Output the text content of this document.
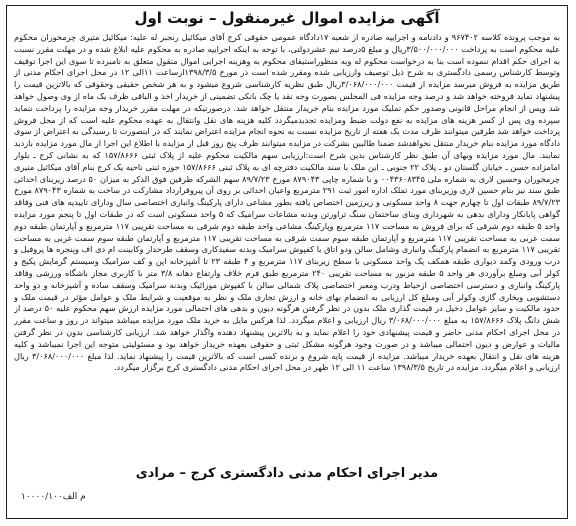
آگهی مزایده اموال غیرمنقول – نوبت اول
به موجب پرونده کلاسه ۹۶۷۴۰۲ و دادنامه و اجراییه صادره از شعبه ۱۷دادگاه عمومی حقوقی کرج آقای میکائیل رنجبر له علیه: میکائیل متیری چرمخوران محکوم علیه محکوم است به پرداخت ۳/۵۰۰/۰۰۰/۰۰۰ریال و مبلغ ۵درصد نیم عشردولتی، با توجه به اینکه اجراییه صادره به محکوم علیه ابلاغ شده و در مهلت مقرر نسبت به اجرای حکم اقدام ننموده است بنا به درخواست محکوم له وبه منظوراستیفای محکوم به وهزینه اجرایی اموال منقول متعلق به نامبرده تا سوی این اجرا توقیف وتوسط کارشناس رسمی دادگستری به شرح ذیل توصیف وارزیابی شده ومقرر شده است در مورخ ۱۳۹۸/۳/۵ازساعت ۱۱الی ۱۲ در محل اجرای احکام مدنی از طریق مزایده به فروش میرسد مزایده از قیمت ۳/۰۶۸/۰۰۰/۰۰۰ریال طبق نظریه کارشناسی شروع میشود و به هر شخص حقیقی وحقوقی که بالاترین قیمت را پیشنهاد نماید فروخته خواهد شد و درصد وجه مزایده فی المجلس بصورت وجه نقد یا چک بانکی تضمینی از خریدار اخذ و الباقی ظرف یک ماه از وی وصول خواهد شد وپس از انجام مراحل قانونی وصدور حکم تملیک مورد مزایده بنام خریدار منتقل خواهد شد. درصورتیکه در مهلت مقرر خریدار وجه مزایده را پرداخت ننماید سپرده وی پس از کسر هزینه های مزایده به نفع دولت ضبط ومزایده تجدیدمیگردد کلیه هزینه های نقل وانتقال به عهده محکوم علیه است که از محل فروش پرداخت خواهد شد طرفین میتوانند ظرف مدت یک هفته از تاریخ مزایده نسبت به نحوه انجام مزایده اعتراض نمایند که در اینصورت تا رسیدگی به اعتراض از سوی دادگاه مورد مزایده بنام خریدار منتقل نخواهدشد ضمنا طالبین بشرکت در مزایده میتوانند ظرف پنج روز قبل از مزایده با اطلاع این اجرا از مال مورد مزایده بازدید نمایند. مال مورد مزایده وبهای آن طبق نظر کارشناس بدین شرح است:ارزیابی سهم مالکیت محکوم علیه از پلاک ثبتی ۱۵۷/۸۶۶۶ که به نشانی کرج ـ بلوار امامزاده حسن ـ خیابان گلستان دو ـ پلاک ۲۲ جنوبی ـ این ملک با سند مالکیت دفترچه ای به پلاک ثبتی ۱۵۷/۸۶۶۶ حوزه ثبتی ناحیه یک کرج بنام آقای میکائیل متیری چرمخوران وحسین لاری به شماره ملی ۰۰۴۳۶۰۸۳۴۵ و با شماره چاپی ۸۷۹۰۴۳ مورخ ۸۹/۷/۲۳ سهم الشرکه طرفین فوق الذکر به میزان ۵۰ درصد زیربنای احداثی طبق سند نیز بنام حسین لاری وزیربنای مورد تملک اداره امور ثبت ۲۹۱ مترمربع واعیان احداثی بر روی آن پیروقرارداد مشارکت در ساخت به شماره ۸۷۹۰۴۳ مورخ ۸۹/۷/۲۳ طبقات اول تا چهارم جهت ۸ واحد مسکونی و زیرزمین اختصاص یافته بطور مشاعی دارای پارکینگ وانباری اختصاصی سال ودارای تاییدیه های فنی وفاقد گواهی پایانکار ودارای بدهی به شهرداری وبنای ساختمان سنگ تراورتن وبدنه مشاعات سرامیک که ۵ واحد مسکونی است که در طبقات اول تا پنجم مورد مزایده واحد ۵ طبقه دوم شرقی که برای فروش به مساحت ۱۱۷ مترمربع وپارکینگ مشاعی واحد طبقه دوم شرقی به مساحت تقریبی ۱۱۷ مترمربع و آپارتمان طبقه دوم سمت غربی به مساحت تقریبی ۱۱۷ مترمربع و آپارتمان طبقه سوم سمت شرقی به مساحت تقریبی ۱۱۷ مترمربع و آپارتمان طبقه سوم سمت غربی به مساحت تقریبی ۱۱۷ مترمربع به انضمام پارکینگ وانباری وشامل سالن ودو اتاق با کفپوش سرامیک وبدنه سفیدکاری وسقف طرحدار وکابینت ام دی اف وپنجره ها پروفیل و درب ورودی وکمد دیواری طبقه همکف یک واحد مسکونی با سطح زیربنای ۱۱۷ مترمربع و ۴ طبقه ۲۳ تا آشپزخانه اپن و کف سرامیک وسیستم گرمایش پکیج و کولر آبی ومبلغ برآوردی هر واحد ۵ طبقه مزبور به مساحت تقریبی ۲۴۰ مترمربع طبق فرم خلاف وارتفاع دهانه ۳/۸ متر با کاربری مجاز باشگاه ورزشی وفاقد پارکینگ وانباری و دسترسی اختصاصی ازحیاط ودرب ومعبر اختصاصی پلاک شمالی سالن با کفپوش موزائیک وبدنه سرامیک وسقف ساده و آشپزخانه و دو واحد دستشویی وبخاری گازی وکولر آبی ومبلغ کل ارزیابی به انضمام بهای خانه و ارزش تجاری ملک و نظر به موقعیت و شرایط ملک و عوامل مؤثر در قیمت ملک و حدود مالکیت و سایر عوامل دخیل در قیمت گذاری ملک بدون در نظر گرفتن هرگونه دیون و بدهی های احتمالی مورد مزایده ارزش سهم محکوم علیه ۵۰ درصد از شش دانگ پلاک ۱۵۷/۸۶۶۶ به مبلغ ۳/۰۶۸/۰۰۰/۰۰۰ ریال ارزیابی و اعلام میگردد. لذا هرکس مایل به خرید ملک مورد مزایده میباشد میتواند در روز و ساعت مقرر در محل اجرای احکام مدنی حاضر و قیمت پیشنهادی خود را اعلام نماید و به بالاترین پیشنهاد دهنده واگذار خواهد شد. ارزیابی کارشناسی بدون در نظر گرفتن مالیات و عوارض و دیون احتمالی میباشد و در صورت وجود هرگونه مشکل ثبتی و حقوقی بعهده خریدار خواهد بود و مسئولیتی متوجه این اجرا نمیباشد و کلیه هزینه های نقل و انتقال بعهده خریدار میباشد. مزایده از قیمت پایه شروع و برنده کسی است که بالاترین قیمت را پیشنهاد نماید. لذا مبلغ ۳/۰۶۸/۰۰۰/۰۰۰ ریال ارزیابی و اعلام میگردد. مزایده در تاریخ ۱۳۹۸/۳/۵ ساعت ۱۱ الی ۱۲ ظهر در محل اجرای احکام مدنی دادگستری کرج برگزار میگردد.
مدیر اجرای احکام مدنی دادگستری کرج – مرادی
م الف۱۰۰۰۰/۱۰۰
